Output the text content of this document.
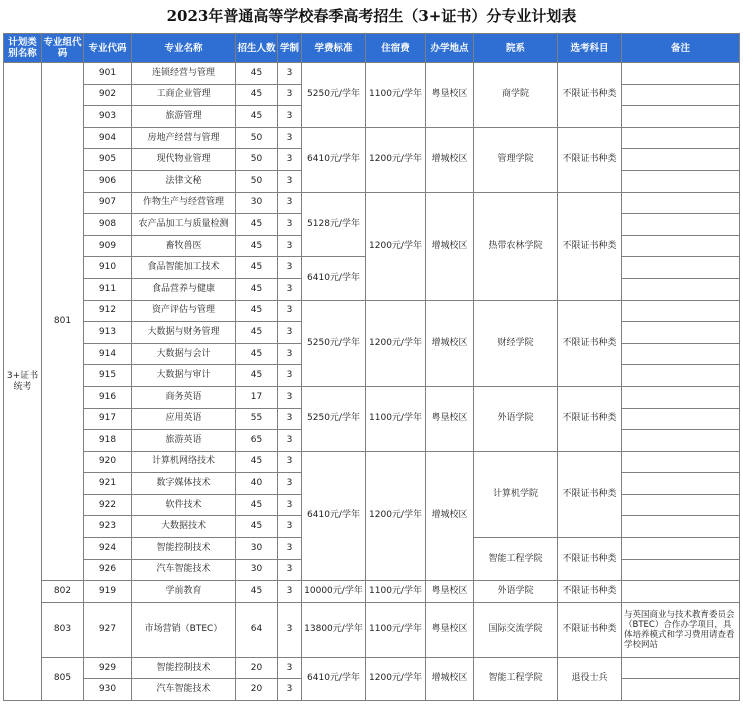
2023年普通高等学校春季高考招生（3+证书）分专业计划表
计划类别名称	专业组代码	专业代码	专业名称	招生人数	学制	学费标准	住宿费	办学地点	院系	选考科目	备注
3+证书统考	801	901	连锁经营与管理	45	3	5250元/学年	1100元/学年	粤垦校区	商学院	不限证书种类	
		902	工商企业管理	45	3						
		903	旅游管理	45	3						
		904	房地产经营与管理	50	3	6410元/学年	1200元/学年	增城校区	管理学院	不限证书种类	
		905	现代物业管理	50	3						
		906	法律文秘	50	3						
		907	作物生产与经营管理	30	3	5128元/学年	1200元/学年	增城校区	热带农林学院	不限证书种类	
		908	农产品加工与质量检测	45	3						
		909	畜牧兽医	45	3						
		910	食品智能加工技术	45	3	6410元/学年					
		911	食品营养与健康	45	3						
		912	资产评估与管理	45	3	5250元/学年	1200元/学年	增城校区	财经学院	不限证书种类	
		913	大数据与财务管理	45	3						
		914	大数据与会计	45	3						
		915	大数据与审计	45	3						
		916	商务英语	17	3	5250元/学年	1100元/学年	粤垦校区	外语学院	不限证书种类	
		917	应用英语	55	3						
		918	旅游英语	65	3						
		920	计算机网络技术	45	3	6410元/学年	1200元/学年	增城校区	计算机学院	不限证书种类	
		921	数字媒体技术	40	3						
		922	软件技术	45	3						
		923	大数据技术	45	3						
		924	智能控制技术	30	3				智能工程学院	不限证书种类	
		926	汽车智能技术	30	3						
	802	919	学前教育	45	3	10000元/学年	1100元/学年	粤垦校区	外语学院	不限证书种类	
	803	927	市场营销（BTEC）	64	3	13800元/学年	1100元/学年	粤垦校区	国际交流学院	不限证书种类	与英国商业与技术教育委员会（BTEC）合作办学项目，具体培养模式和学习费用请查看学校网站
	805	929	智能控制技术	20	3	6410元/学年	1200元/学年	增城校区	智能工程学院	退役士兵	
		930	汽车智能技术	20	3						
